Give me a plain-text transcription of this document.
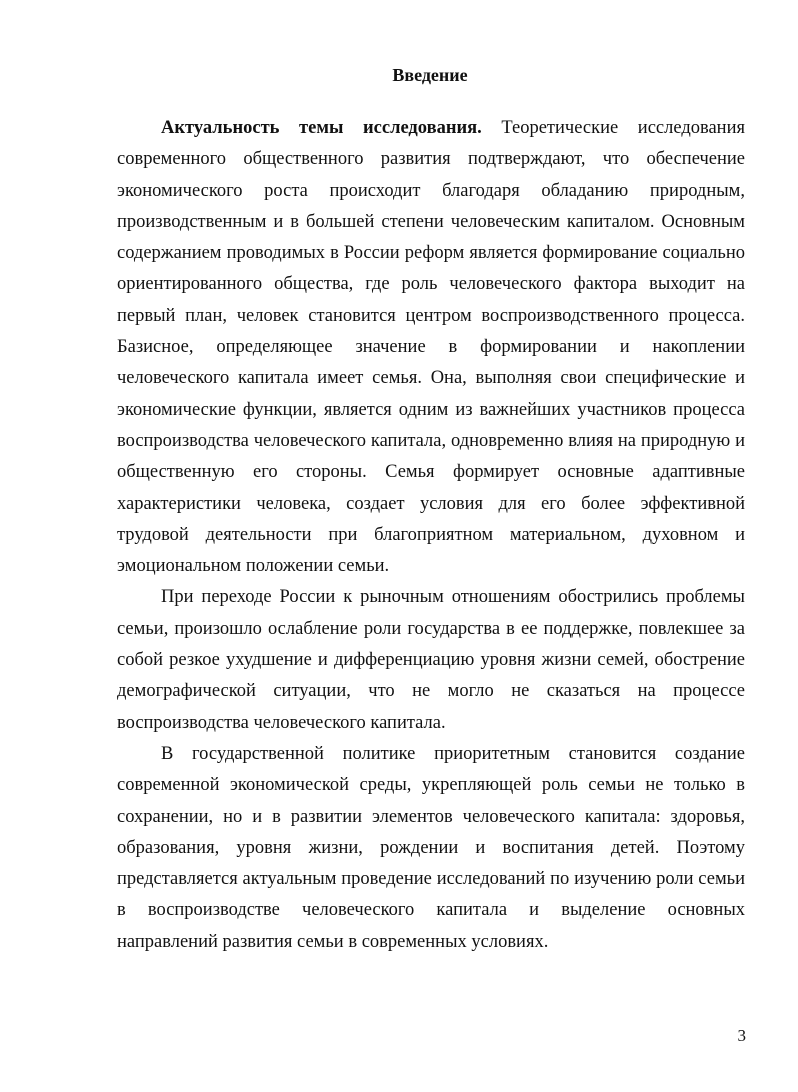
Введение

Актуальность темы исследования. Теоретические исследования современного общественного развития подтверждают, что обеспечение экономического роста происходит благодаря обладанию природным, производственным и в большей степени человеческим капиталом. Основным содержанием проводимых в России реформ является формирование социально ориентированного общества, где роль человеческого фактора выходит на первый план, человек становится центром воспроизводственного процесса. Базисное, определяющее значение в формировании и накоплении человеческого капитала имеет семья. Она, выполняя свои специфические и экономические функции, является одним из важнейших участников процесса воспроизводства человеческого капитала, одновременно влияя на природную и общественную его стороны. Семья формирует основные адаптивные характеристики человека, создает условия для его более эффективной трудовой деятельности при благоприятном материальном, духовном и эмоциональном положении семьи.

При переходе России к рыночным отношениям обострились проблемы семьи, произошло ослабление роли государства в ее поддержке, повлекшее за собой резкое ухудшение и дифференциацию уровня жизни семей, обострение демографической ситуации, что не могло не сказаться на процессе воспроизводства человеческого капитала.

В государственной политике приоритетным становится создание современной экономической среды, укрепляющей роль семьи не только в сохранении, но и в развитии элементов человеческого капитала: здоровья, образования, уровня жизни, рождении и воспитания детей. Поэтому представляется актуальным проведение исследований по изучению роли семьи в воспроизводстве человеческого капитала и выделение основных направлений развития семьи в современных условиях.

3
